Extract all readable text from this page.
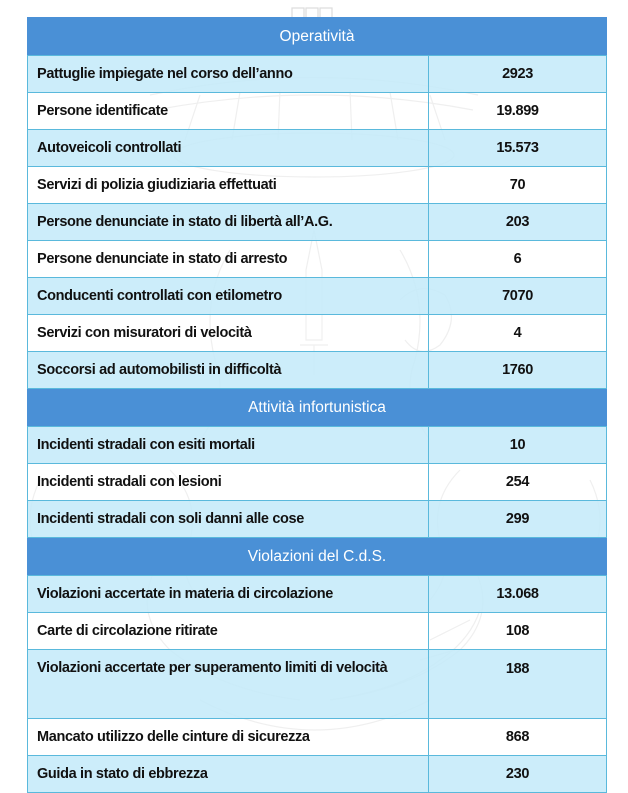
Operatività	
Pattuglie impiegate nel corso dell’anno	2923
Persone identificate	19.899
Autoveicoli controllati	15.573
Servizi di polizia giudiziaria effettuati	70
Persone denunciate in stato di libertà all’A.G.	203
Persone denunciate in stato di arresto	6
Conducenti controllati con etilometro	7070
Servizi con misuratori di velocità	4
Soccorsi ad automobilisti in difficoltà	1760
Attività infortunistica	
Incidenti stradali con esiti mortali	10
Incidenti stradali con lesioni	254
Incidenti stradali con soli danni alle cose	299
Violazioni del C.d.S.	
Violazioni accertate in materia di circolazione	13.068
Carte di circolazione ritirate	108
Violazioni accertate per superamento limiti di velocità	188
Mancato utilizzo delle cinture di sicurezza	868
Guida in stato di ebbrezza	230
